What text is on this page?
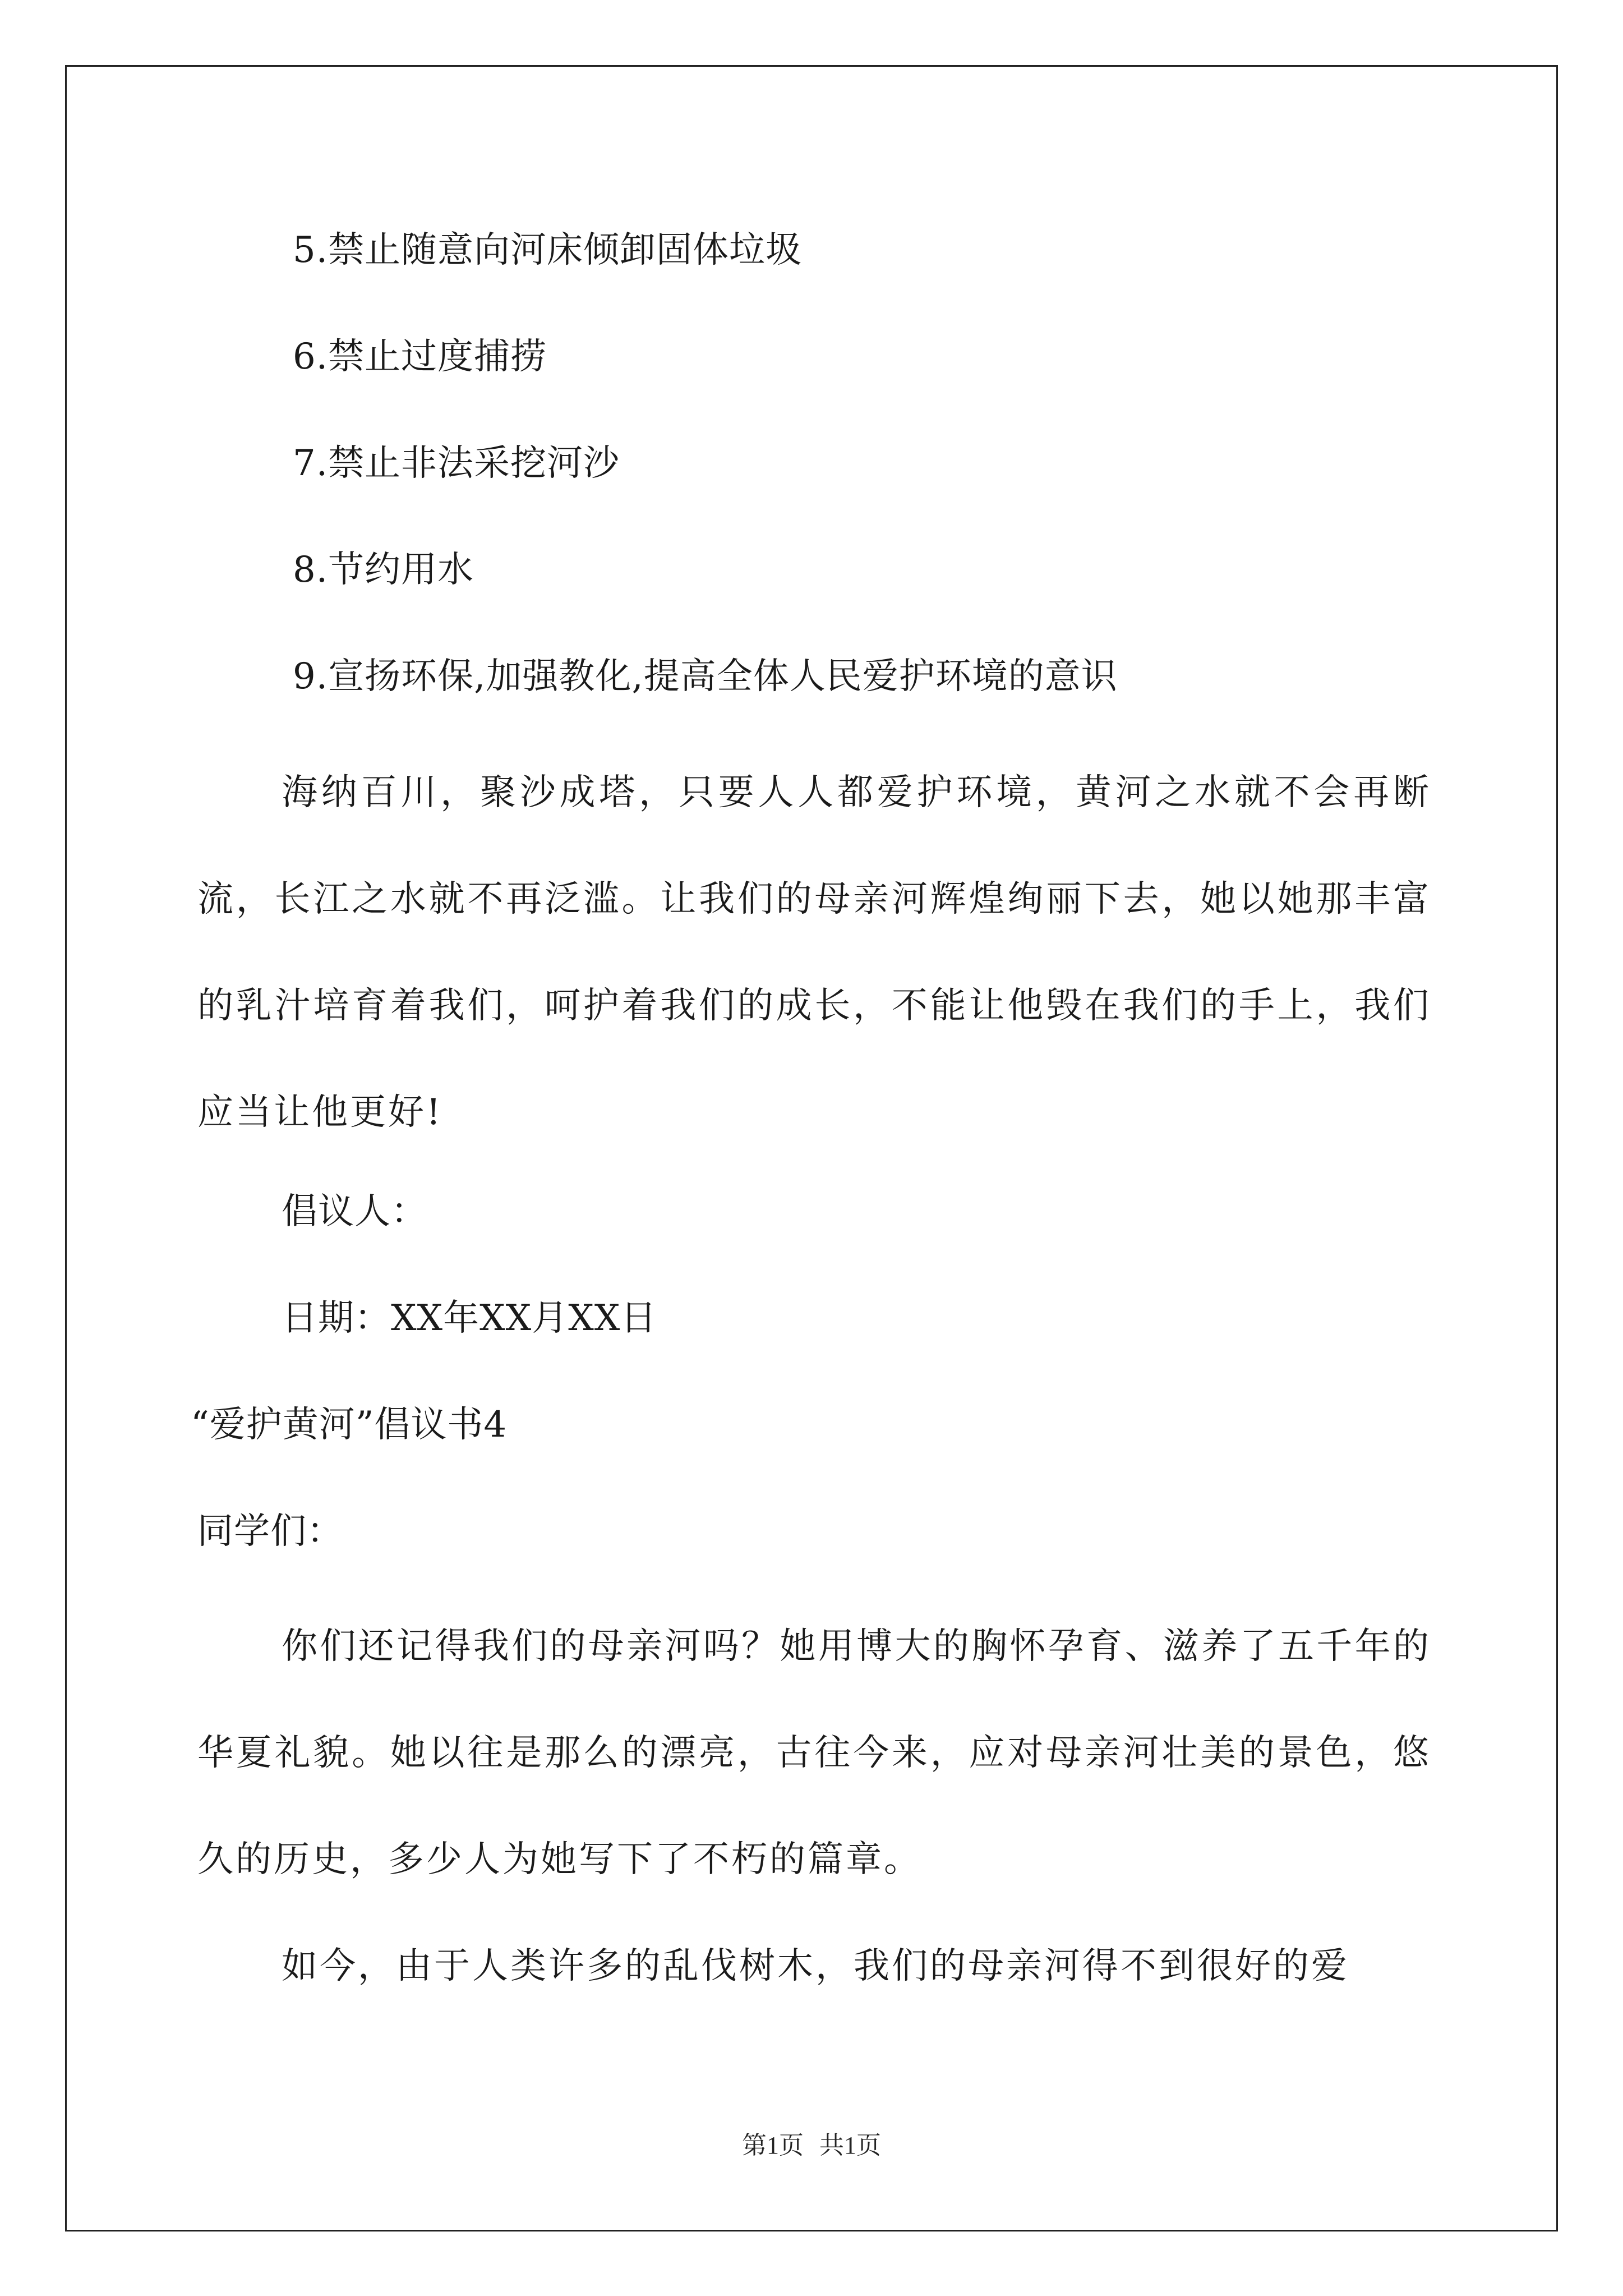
5.禁止随意向河床倾卸固体垃圾
6.禁止过度捕捞
7.禁止非法采挖河沙
8.节约用水
9.宣扬环保,加强教化,提高全体人民爱护环境的意识
海纳百川，聚沙成塔，只要人人都爱护环境，黄河之水就不会再断流，长江之水就不再泛滥。让我们的母亲河辉煌绚丽下去，她以她那丰富的乳汁培育着我们，呵护着我们的成长，不能让他毁在我们的手上，我们应当让他更好!
倡议人：
日期：XX年XX月XX日
“爱护黄河”倡议书4
同学们：
你们还记得我们的母亲河吗？她用博大的胸怀孕育、滋养了五千年的华夏礼貌。她以往是那么的漂亮，古往今来，应对母亲河壮美的景色，悠久的历史，多少人为她写下了不朽的篇章。
如今，由于人类许多的乱伐树木，我们的母亲河得不到很好的爱
第1页 共1页
